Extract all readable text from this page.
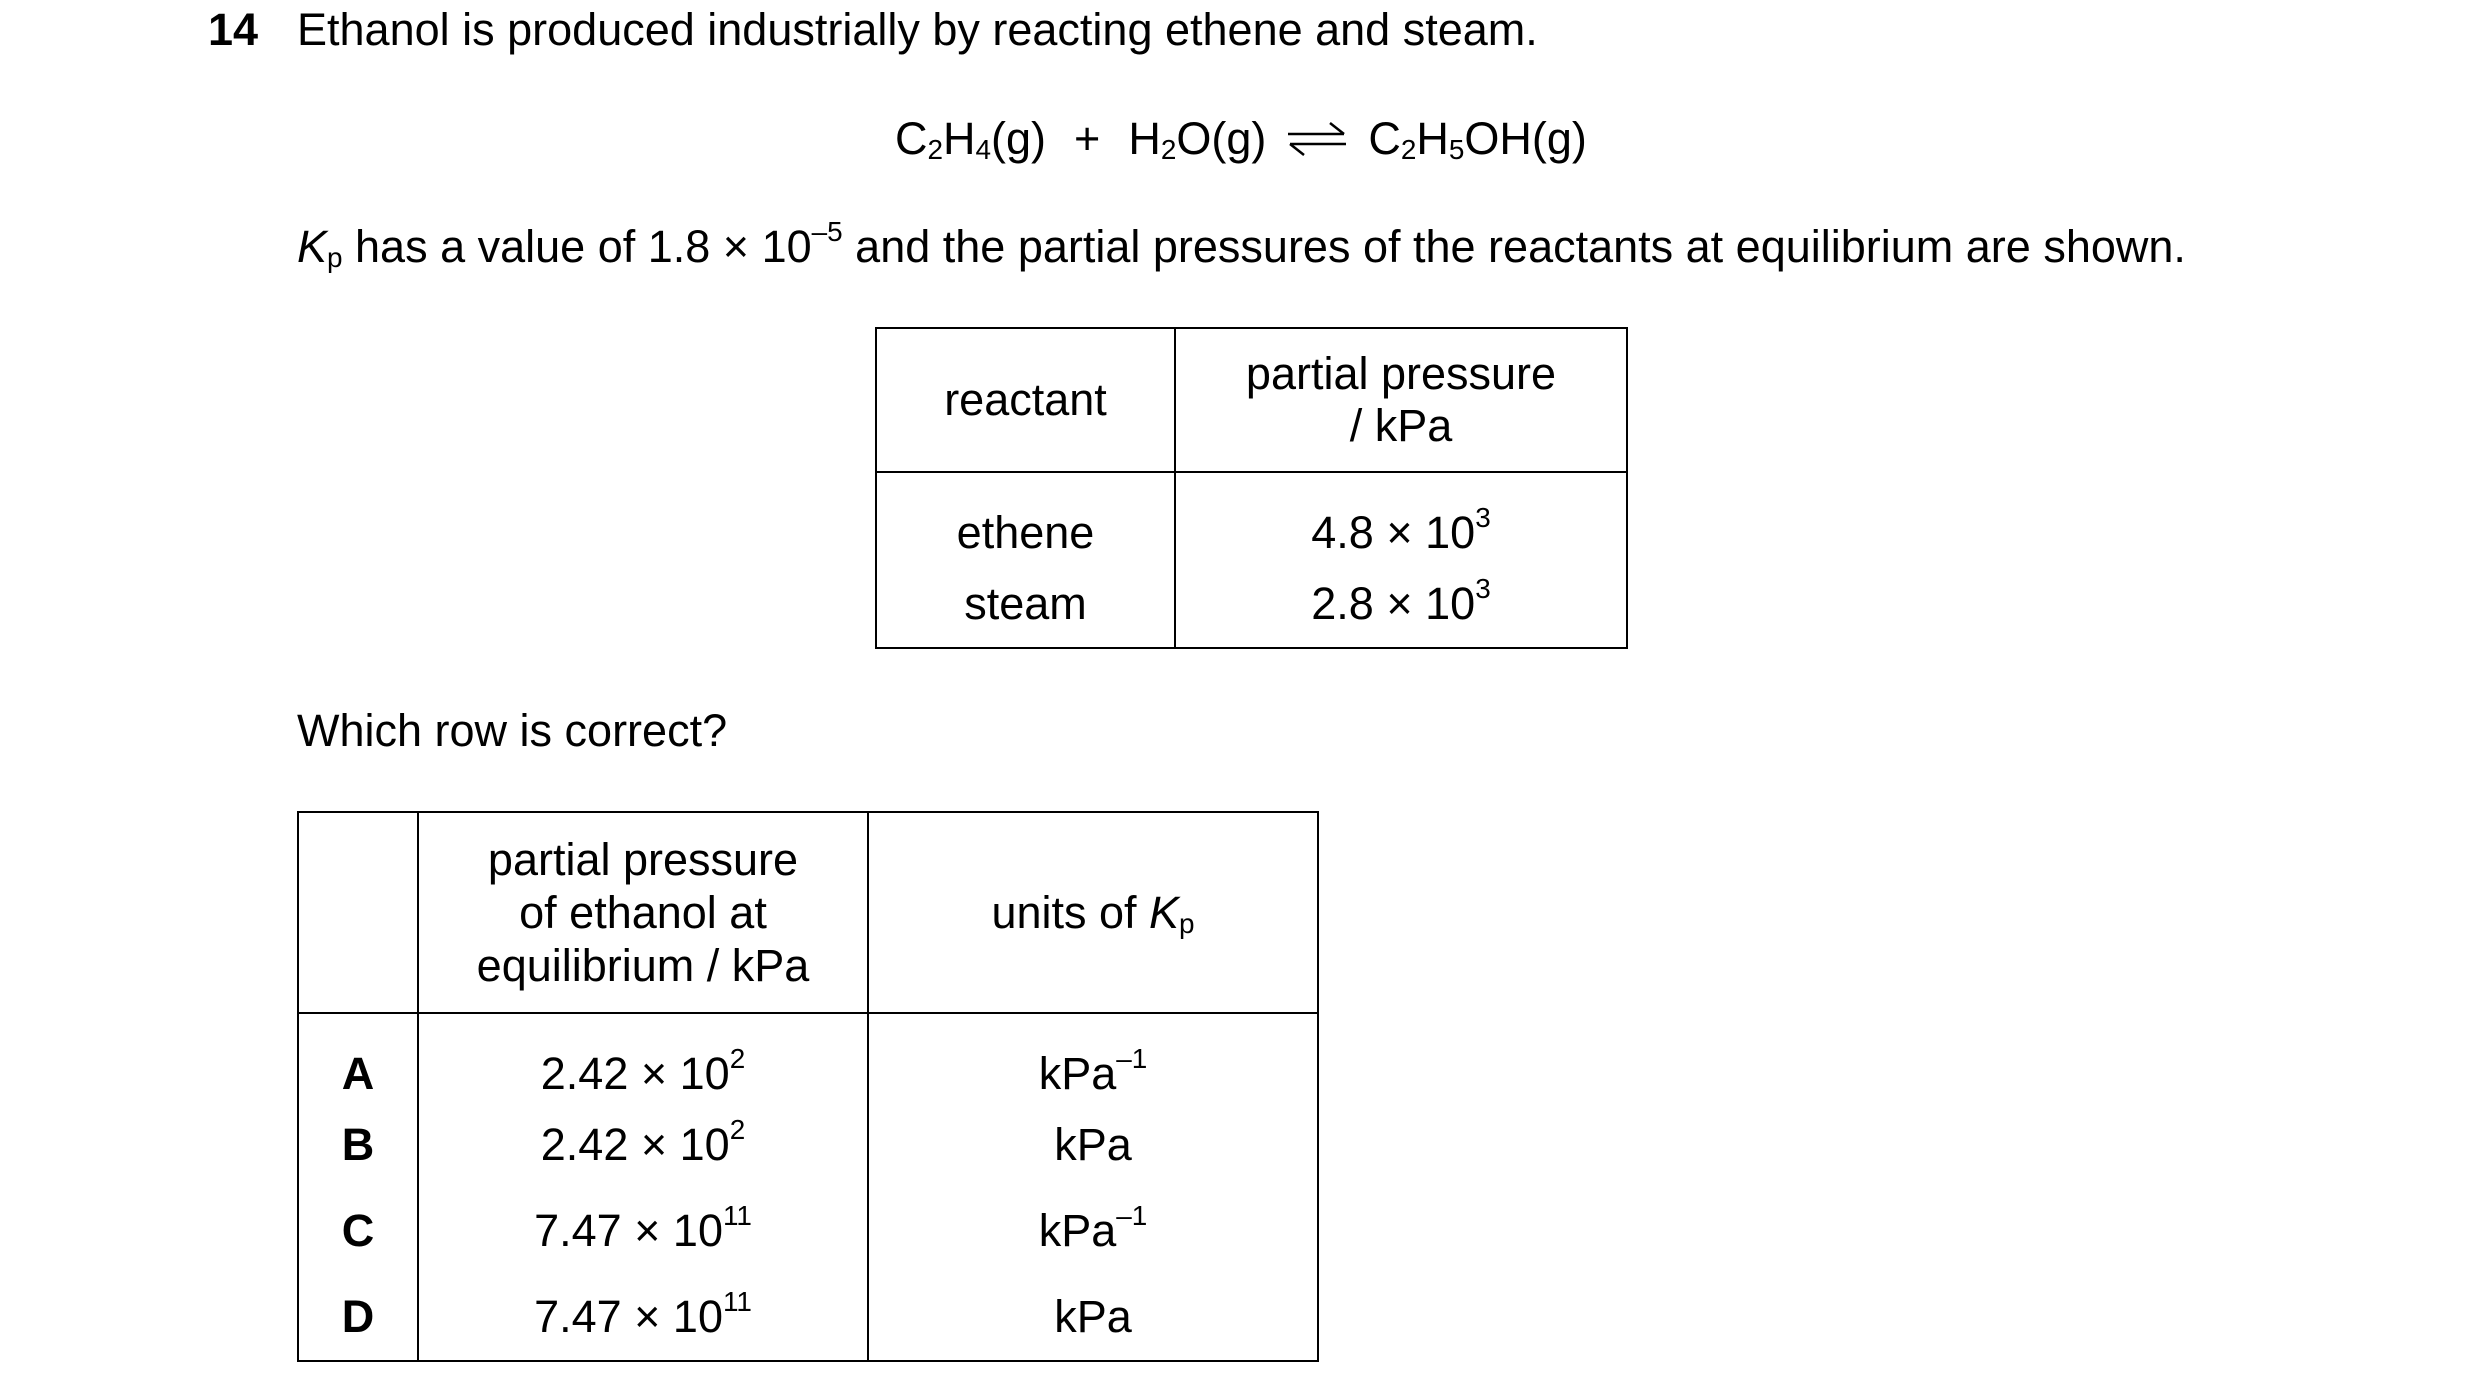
14 Ethanol is produced industrially by reacting ethene and steam.
$C_2H_4(g) + H_2O(g)$ ⇌ $C_2H_5OH(g)$
$K_p$ has a value of $1.8 \times 10^{-5}$ and the partial pressures of the reactants at equilibrium are shown.
reactant	partial pressure
/ kPa

ethene	$4.8 \times 10^3$
steam	$2.8 \times 10^3$
Which row is correct?

	partial pressure
of ethanol at
equilibrium / kPa	units of $K_p$
A	$2.42 \times 10^2$	kPa$^{-1}$
B	$2.42 \times 10^2$	kPa
C	$7.47 \times 10^{11}$	kPa$^{-1}$
D	$7.47 \times 10^{11}$	kPa
